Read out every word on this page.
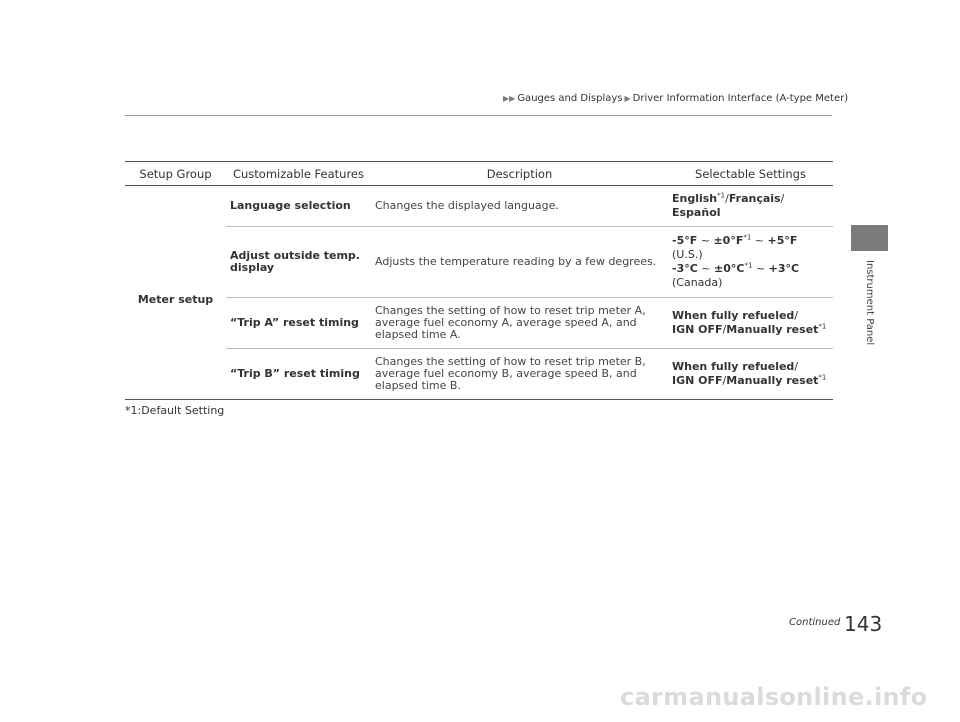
▶▶ Gauges and Displays ▶ Driver Information Interface (A-type Meter)
Instrument Panel
Setup Group	Customizable Features	Description	Selectable Settings
Meter setup	Language selection	Changes the displayed language.	English$^{*1}$/Français/
Español

	Adjust outside temp. display	Adjusts the temperature reading by a few degrees.	-5°F ~ $\pm 0^\circ F^{*1}$ ~ +5°F
(U.S.)
-3°C ~ $\pm 0^\circ C^{*1}$ ~ +3°C
(Canada)

	“Trip A” reset timing	Changes the setting of how to reset trip meter A, average fuel economy A, average speed A, and elapsed time A.	When fully refueled/
IGN OFF/Manually reset$^{*1}$

	“Trip B” reset timing	Changes the setting of how to reset trip meter B, average fuel economy B, average speed B, and elapsed time B.	When fully refueled/
IGN OFF/Manually reset$^{*1}$
*1:Default Setting
Continued 143
carmanualsonline.info
